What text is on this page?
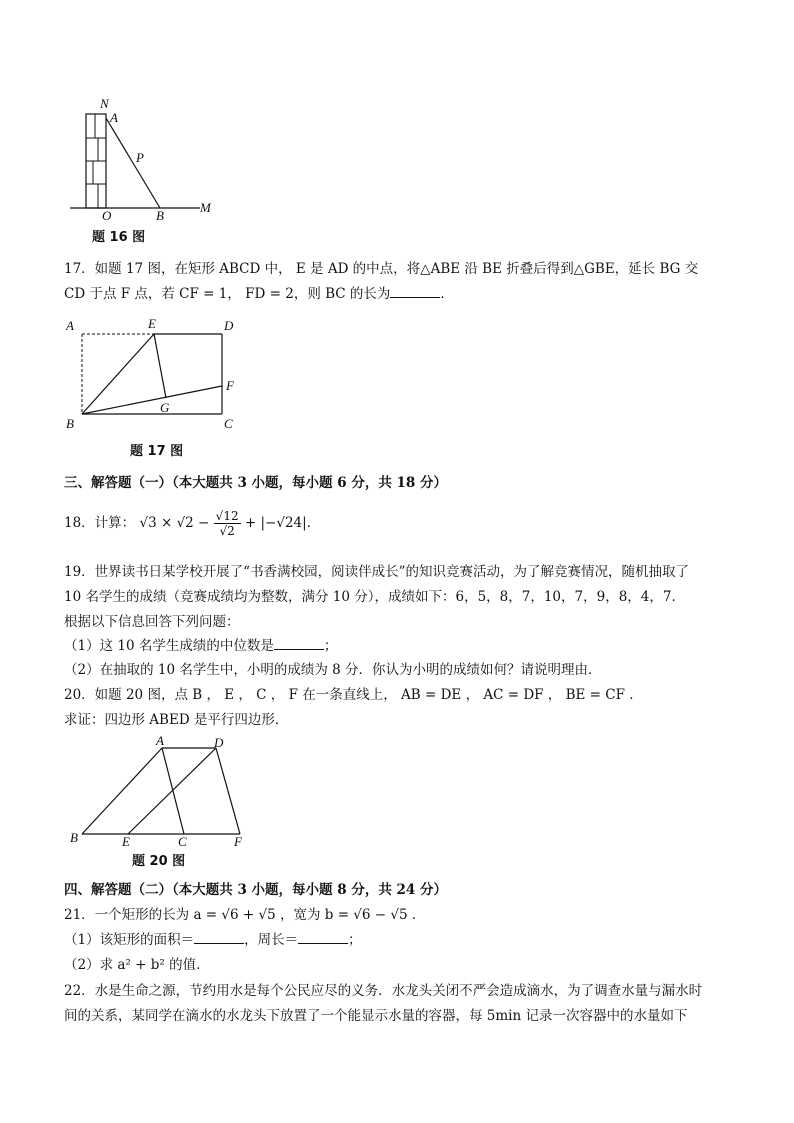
N
A
P
O	B
M
题 16 图
17．如题 17 图，在矩形 ABCD 中， E 是 AD 的中点，将△ABE 沿 BE 折叠后得到△GBE，延长 BG 交
CD 于点 F 点，若 CF = 1， FD = 2，则 BC 的长为	．
A	E	D
F
G
B	C
题 17 图
三、解答题（一）（本大题共 3 小题，每小题 6 分，共 18 分）
18．计算： $√3 \times √2 - \frac{√12}{√2} + |-√24|$．
19．世界读书日某学校开展了“书香满校园，阅读伴成长”的知识竞赛活动，为了解竞赛情况，随机抽取了
10 名学生的成绩（竞赛成绩均为整数，满分 10 分），成绩如下：6，5，8，7，10，7，9，8，4，7．
根据以下信息回答下列问题：
（1）这 10 名学生成绩的中位数是	；
（2）在抽取的 10 名学生中，小明的成绩为 8 分．你认为小明的成绩如何？请说明理由．
20．如题 20 图，点 B ， E ， C ， F 在一条直线上， AB = DE ， AC = DF ， BE = CF ．
求证：四边形 ABED 是平行四边形．
A	D
B	E	C	F
题 20 图
四、解答题（二）（本大题共 3 小题，每小题 8 分，共 24 分）
21．一个矩形的长为 a = √6 + √5 ，宽为 b = √6 − √5 ．
（1）该矩形的面积＝	，周长＝	；
（2）求 a² + b² 的值．
22．水是生命之源，节约用水是每个公民应尽的义务．水龙头关闭不严会造成滴水，为了调查水量与漏水时
间的关系，某同学在滴水的水龙头下放置了一个能显示水量的容器，每 5min 记录一次容器中的水量如下
